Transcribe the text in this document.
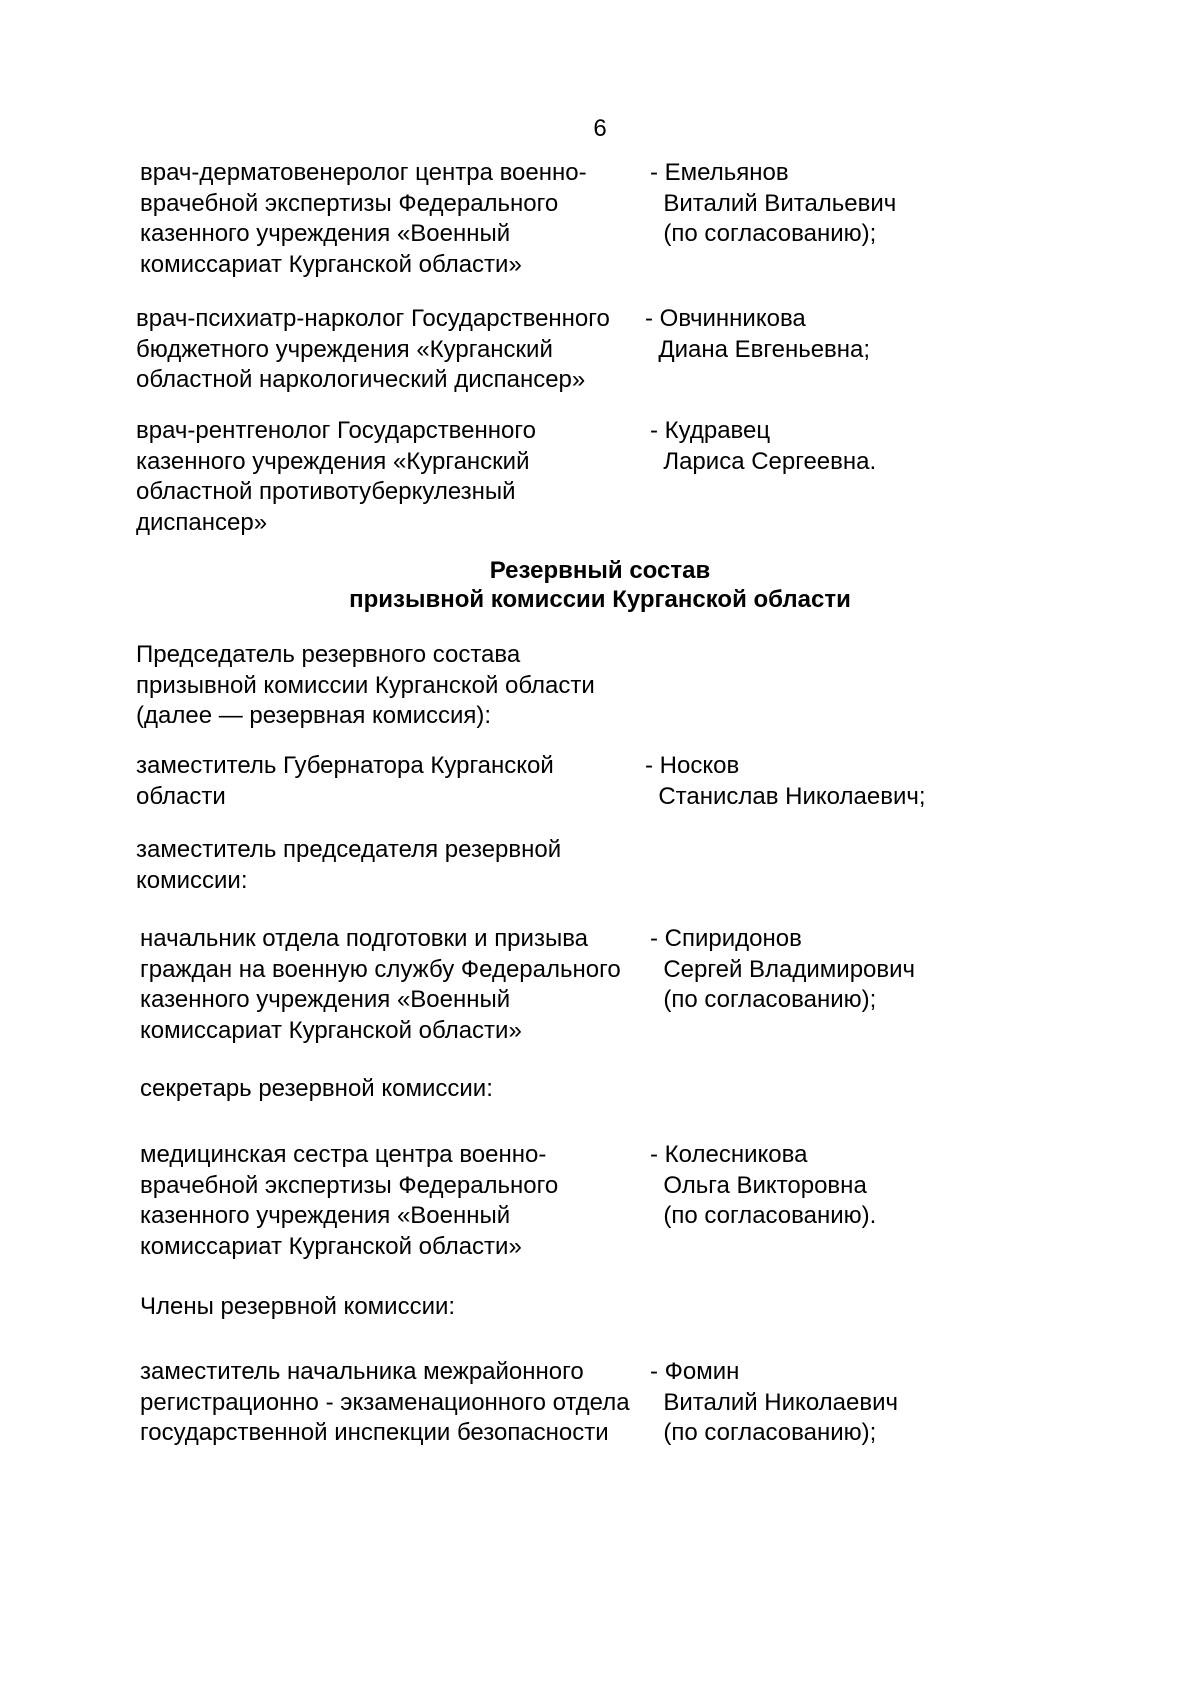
6
врач-дерматовенеролог центра военно-
врачебной экспертизы Федерального
казенного учреждения «Военный
комиссариат Курганской области»
- Емельянов
Виталий Витальевич
(по согласованию);
врач-психиатр-нарколог Государственного
бюджетного учреждения «Курганский
областной наркологический диспансер»
- Овчинникова
Диана Евгеньевна;
врач-рентгенолог Государственного
казенного учреждения «Курганский
областной противотуберкулезный
диспансер»
- Кудравец
Лариса Сергеевна.
Резервный состав
призывной комиссии Курганской области
Председатель резервного состава
призывной комиссии Курганской области
(далее — резервная комиссия):
заместитель Губернатора Курганской
области
- Носков
Станислав Николаевич;
заместитель председателя резервной
комиссии:
начальник отдела подготовки и призыва
граждан на военную службу Федерального
казенного учреждения «Военный
комиссариат Курганской области»
- Спиридонов
Сергей Владимирович
(по согласованию);
секретарь резервной комиссии:
медицинская сестра центра военно-
врачебной экспертизы Федерального
казенного учреждения «Военный
комиссариат Курганской области»
- Колесникова
Ольга Викторовна
(по согласованию).
Члены резервной комиссии:
заместитель начальника межрайонного
регистрационно - экзаменационного отдела
государственной инспекции безопасности
- Фомин
Виталий Николаевич
(по согласованию);
